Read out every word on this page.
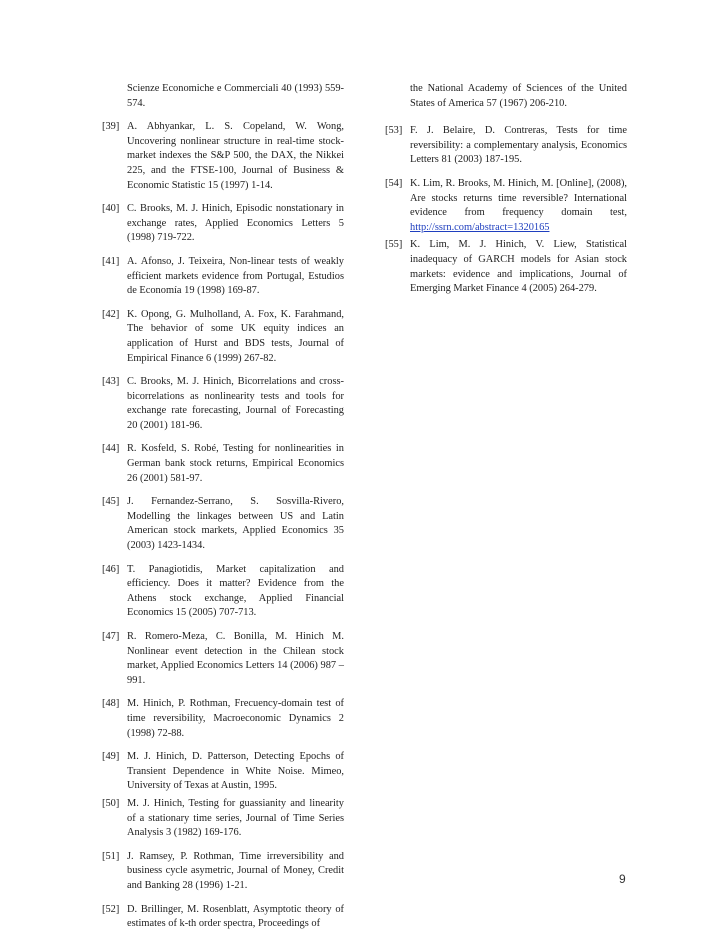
Scienze Economiche e Commerciali 40 (1993) 559-574.
[39] A. Abhyankar, L. S. Copeland, W. Wong, Uncovering nonlinear structure in real-time stock-market indexes the S&P 500, the DAX, the Nikkei 225, and the FTSE-100, Journal of Business & Economic Statistic 15 (1997) 1-14.
[40] C. Brooks, M. J. Hinich, Episodic nonstationary in exchange rates, Applied Economics Letters 5 (1998) 719-722.
[41] A. Afonso, J. Teixeira, Non-linear tests of weakly efficient markets evidence from Portugal, Estudios de Economía 19 (1998) 169-87.
[42] K. Opong, G. Mulholland, A. Fox, K. Farahmand, The behavior of some UK equity indices an application of Hurst and BDS tests, Journal of Empirical Finance 6 (1999) 267-82.
[43] C. Brooks, M. J. Hinich, Bicorrelations and cross-bicorrelations as nonlinearity tests and tools for exchange rate forecasting, Journal of Forecasting 20 (2001) 181-96.
[44] R. Kosfeld, S. Robé, Testing for nonlinearities in German bank stock returns, Empirical Economics 26 (2001) 581-97.
[45] J. Fernandez-Serrano, S. Sosvilla-Rivero, Modelling the linkages between US and Latin American stock markets, Applied Economics 35 (2003) 1423-1434.
[46] T. Panagiotidis, Market capitalization and efficiency. Does it matter? Evidence from the Athens stock exchange, Applied Financial Economics 15 (2005) 707-713.
[47] R. Romero-Meza, C. Bonilla, M. Hinich M. Nonlinear event detection in the Chilean stock market, Applied Economics Letters 14 (2006) 987 – 991.
[48] M. Hinich, P. Rothman, Frecuency-domain test of time reversibility, Macroeconomic Dynamics 2 (1998) 72-88.
[49] M. J. Hinich, D. Patterson, Detecting Epochs of Transient Dependence in White Noise. Mimeo, University of Texas at Austin, 1995.
[50] M. J. Hinich, Testing for guassianity and linearity of a stationary time series, Journal of Time Series Analysis 3 (1982) 169-176.
[51] J. Ramsey, P. Rothman, Time irreversibility and business cycle asymetric, Journal of Money, Credit and Banking 28 (1996) 1-21.
[52] D. Brillinger, M. Rosenblatt, Asymptotic theory of estimates of k-th order spectra, Proceedings of
the National Academy of Sciences of the United States of America 57 (1967) 206-210.
[53] F. J. Belaire, D. Contreras, Tests for time reversibility: a complementary analysis, Economics Letters 81 (2003) 187-195.
[54] K. Lim, R. Brooks, M. Hinich, M. [Online], (2008), Are stocks returns time reversible? International evidence from frequency domain test, http://ssrn.com/abstract=1320165
[55] K. Lim, M. J. Hinich, V. Liew, Statistical inadequacy of GARCH models for Asian stock markets: evidence and implications, Journal of Emerging Market Finance 4 (2005) 264-279.
9
